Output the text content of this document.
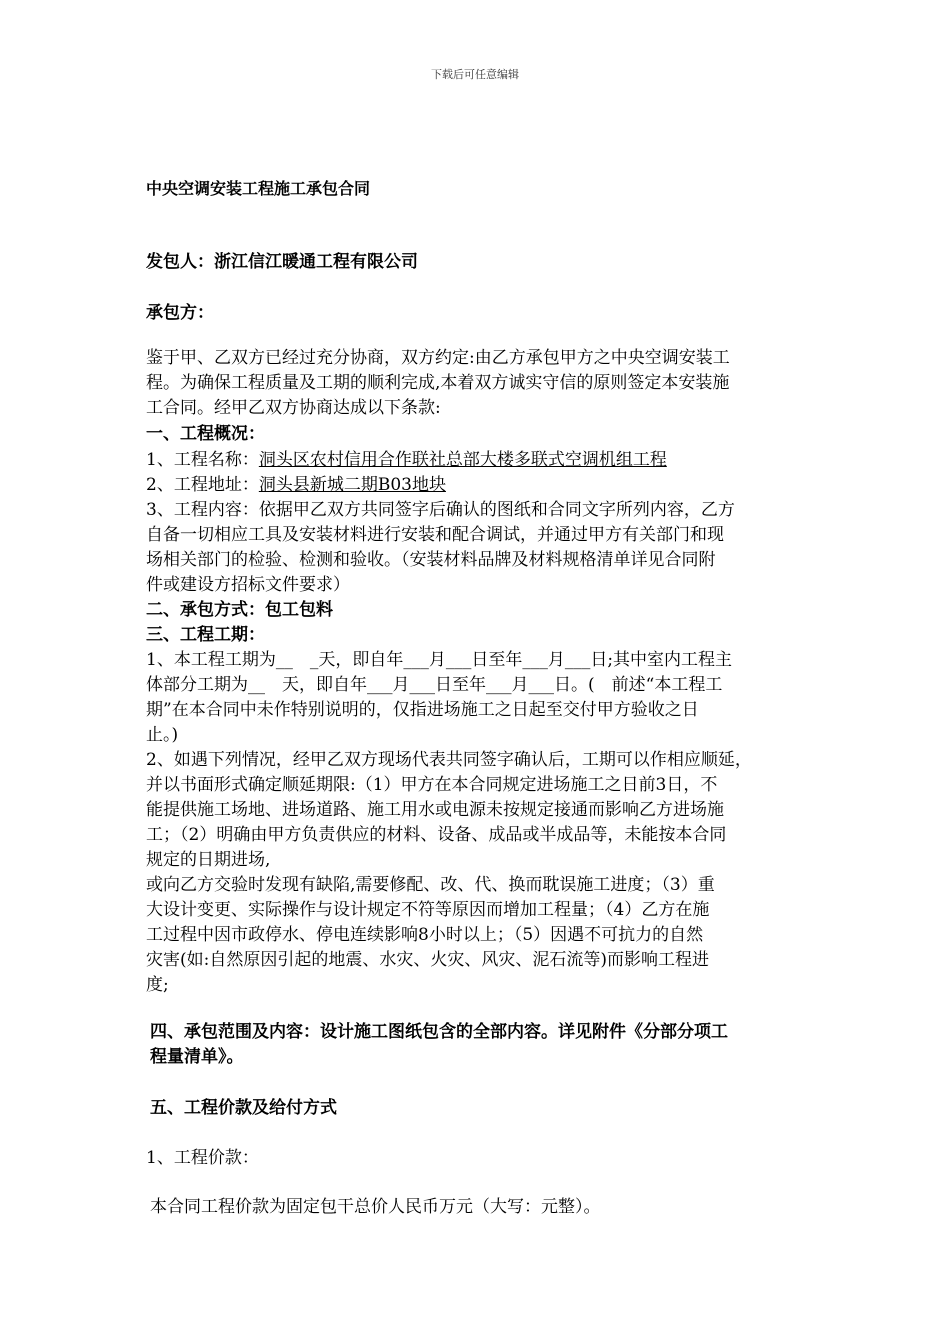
下载后可任意编辑
中央空调安装工程施工承包合同
发包人：浙江信江暖通工程有限公司
承包方：
鉴于甲、乙双方已经过充分协商，双方约定:由乙方承包甲方之中央空调安装工
程。为确保工程质量及工期的顺利完成,本着双方诚实守信的原则签定本安装施
工合同。经甲乙双方协商达成以下条款:
一、工程概况：
1、工程名称：洞头区农村信用合作联社总部大楼多联式空调机组工程
2、工程地址：洞头县新城二期B03地块
3、工程内容：依据甲乙双方共同签字后确认的图纸和合同文字所列内容，乙方
自备一切相应工具及安装材料进行安装和配合调试，并通过甲方有关部门和现
场相关部门的检验、检测和验收。（安装材料品牌及材料规格清单详见合同附
件或建设方招标文件要求）
二、承包方式：包工包料
三、工程工期：
1、本工程工期为__　_天，即自年___月___日至年___月___日;其中室内工程主
体部分工期为__　天，即自年___月___日至年___月___日。(　前述“本工程工
期”在本合同中未作特别说明的，仅指进场施工之日起至交付甲方验收之日
止。)
2、如遇下列情况，经甲乙双方现场代表共同签字确认后，工期可以作相应顺延，
并以书面形式确定顺延期限:（1）甲方在本合同规定进场施工之日前3日，不
能提供施工场地、进场道路、施工用水或电源未按规定接通而影响乙方进场施
工；（2）明确由甲方负责供应的材料、设备、成品或半成品等，未能按本合同
规定的日期进场,
或向乙方交验时发现有缺陷,需要修配、改、代、换而耽误施工进度；（3）重
大设计变更、实际操作与设计规定不符等原因而增加工程量；（4）乙方在施
工过程中因市政停水、停电连续影响8小时以上；（5）因遇不可抗力的自然
灾害(如:自然原因引起的地震、水灾、火灾、风灾、泥石流等)而影响工程进
度;
四、承包范围及内容：设计施工图纸包含的全部内容。详见附件《分部分项工
程量清单》。
五、工程价款及给付方式
1、工程价款：
本合同工程价款为固定包干总价人民币万元（大写：元整）。
